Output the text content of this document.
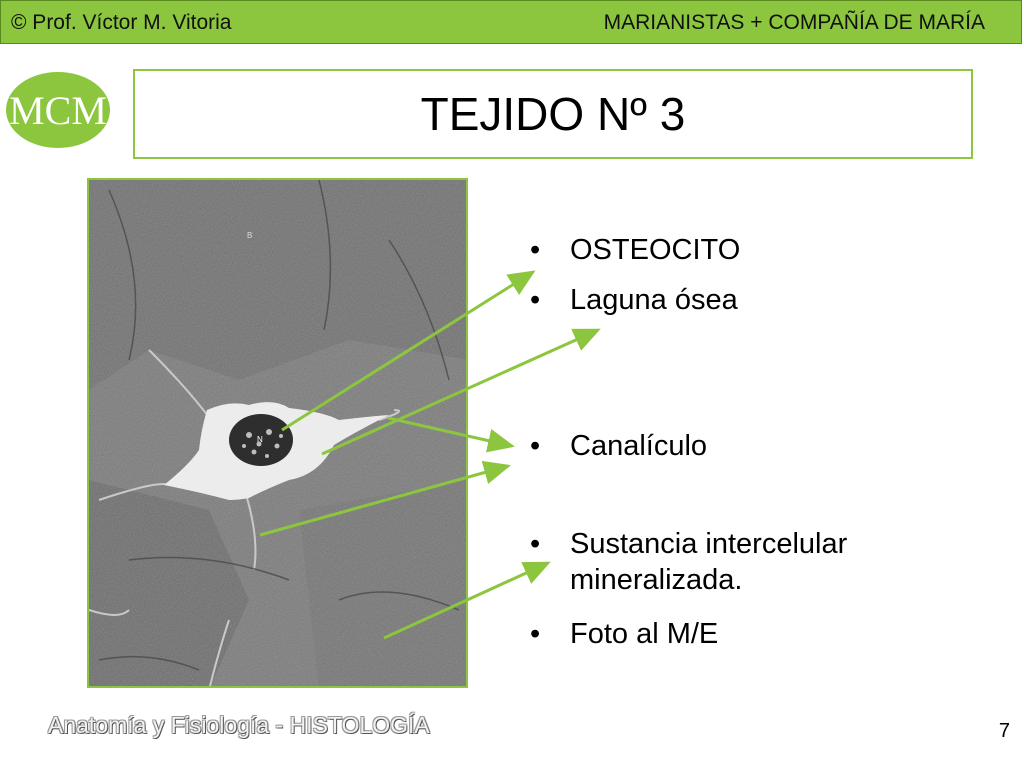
© Prof. Víctor M. Vitoria	MARIANISTAS + COMPAÑÍA DE MARÍA
MCM	TEJIDO Nº 3
B
N
• OSTEOCITO
• Laguna ósea
• Canalículo
• Sustancia intercelular mineralizada.
• Foto al M/E
Anatomía y Fisiología - HISTOLOGÍA	7
